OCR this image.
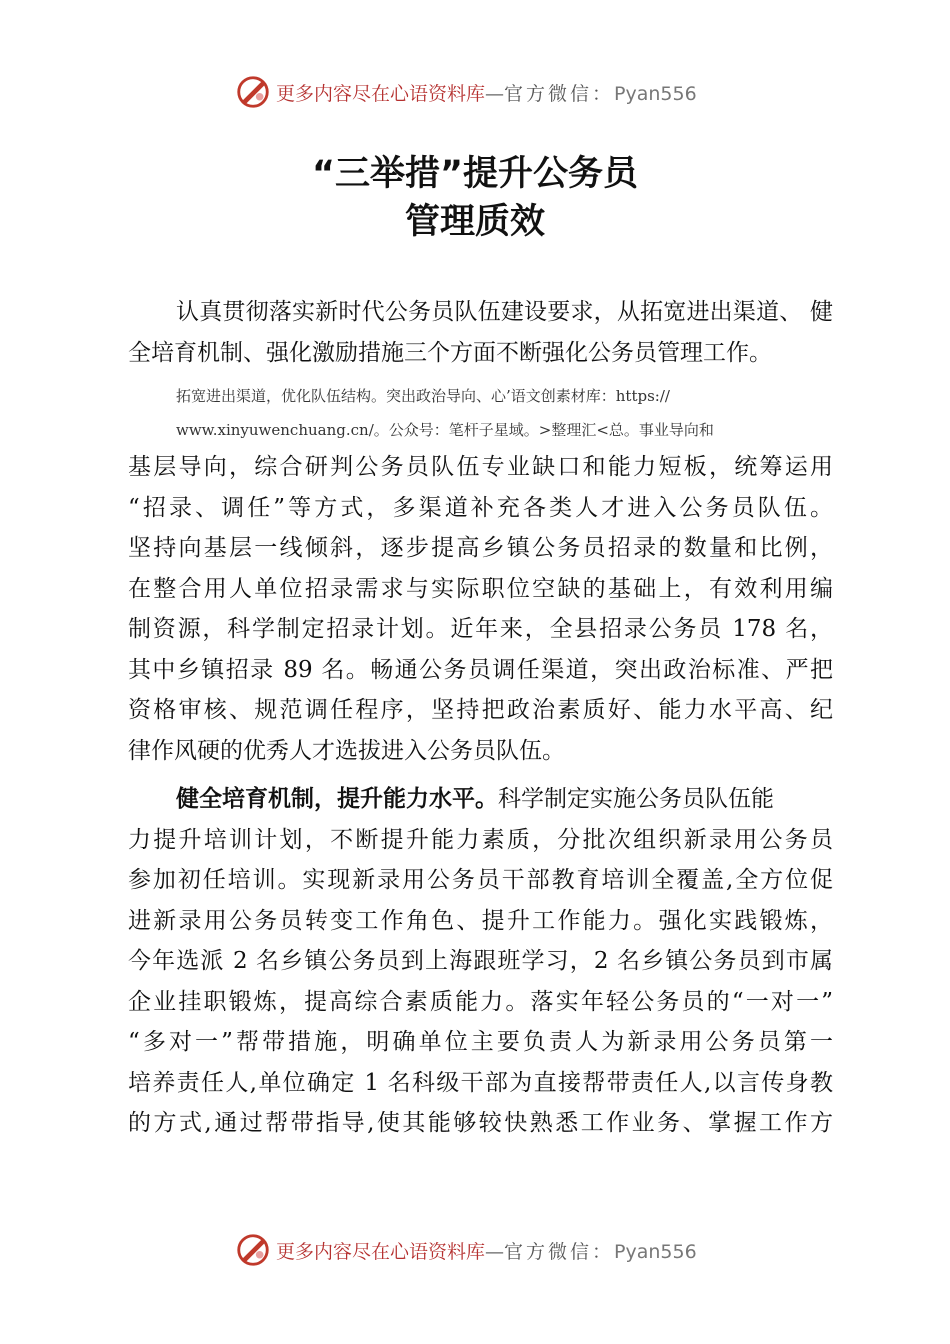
更多内容尽在心语资料库—官方微信：Pyan556
“三举措”提升公务员
管理质效
认真贯彻落实新时代公务员队伍建设要求，从拓宽进出渠道、 健
全培育机制、强化激励措施三个方面不断强化公务员管理工作。
拓宽进出渠道，优化队伍结构。突出政治导向、心’语文创素材库：https://
www.xinyuwenchuang.cn/。公众号：笔杆子星域。>整理汇<总。事业导向和
基层导向，综合研判公务员队伍专业缺口和能力短板，统筹运用
“招录、调任”等方式，多渠道补充各类人才进入公务员队伍。
坚持向基层一线倾斜，逐步提高乡镇公务员招录的数量和比例，
在整合用人单位招录需求与实际职位空缺的基础上，有效利用编
制资源，科学制定招录计划。近年来，全县招录公务员 178 名，
其中乡镇招录 89 名。畅通公务员调任渠道，突出政治标准、严把
资格审核、规范调任程序，坚持把政治素质好、能力水平高、纪
律作风硬的优秀人才选拔进入公务员队伍。
健全培育机制，提升能力水平。科学制定实施公务员队伍能
力提升培训计划，不断提升能力素质，分批次组织新录用公务员
参加初任培训。实现新录用公务员干部教育培训全覆盖,全方位促
进新录用公务员转变工作角色、提升工作能力。强化实践锻炼，
今年选派 2 名乡镇公务员到上海跟班学习，2 名乡镇公务员到市属
企业挂职锻炼，提高综合素质能力。落实年轻公务员的“一对一”
“多对一”帮带措施，明确单位主要负责人为新录用公务员第一
培养责任人,单位确定 1 名科级干部为直接帮带责任人,以言传身教
的方式,通过帮带指导,使其能够较快熟悉工作业务、掌握工作方
更多内容尽在心语资料库—官方微信：Pyan556
